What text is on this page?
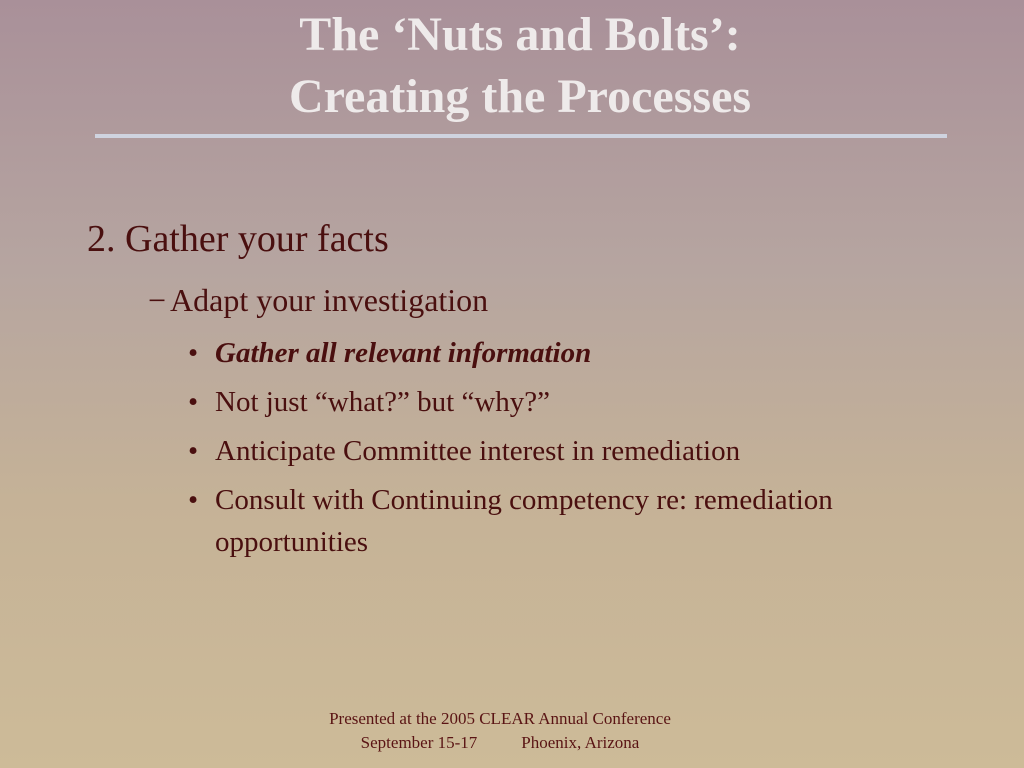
The ‘Nuts and Bolts’:
Creating the Processes
2. Gather your facts
− Adapt your investigation
• Gather all relevant information
• Not just “what?” but “why?”
• Anticipate Committee interest in remediation
• Consult with Continuing competency re: remediation opportunities
Presented at the 2005 CLEAR Annual Conference
September 15-17	Phoenix, Arizona
